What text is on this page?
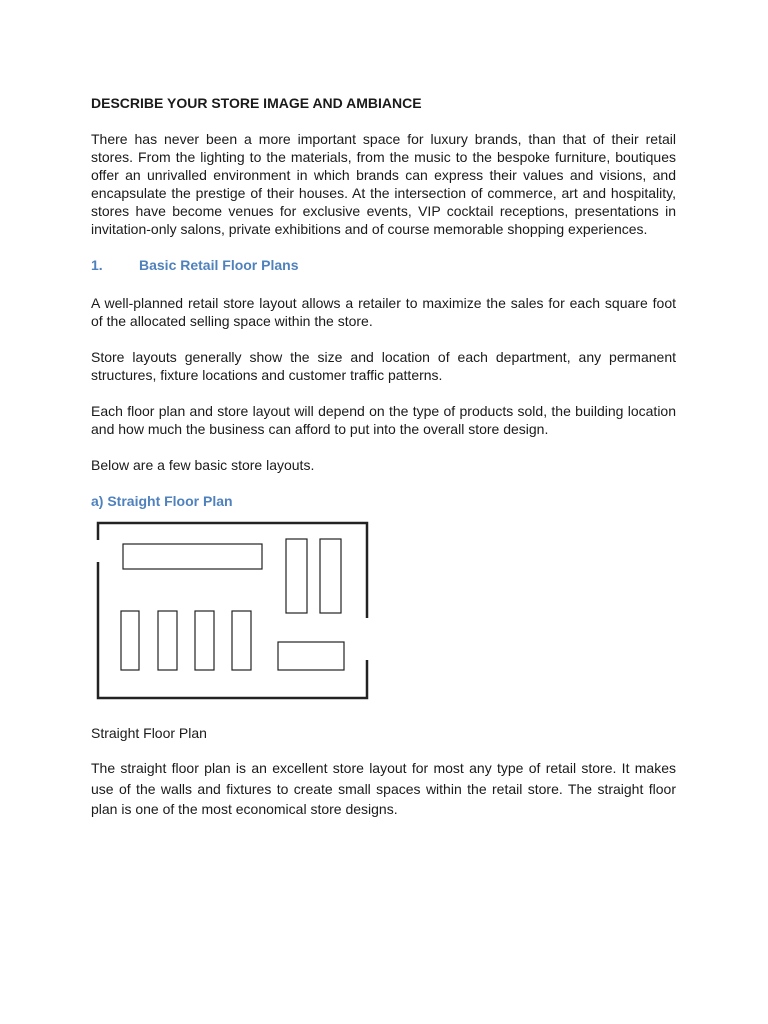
DESCRIBE YOUR STORE IMAGE AND AMBIANCE

There has never been a more important space for luxury brands, than that of their retail stores. From the lighting to the materials, from the music to the bespoke furniture, boutiques offer an unrivalled environment in which brands can express their values and visions, and encapsulate the prestige of their houses. At the intersection of commerce, art and hospitality, stores have become venues for exclusive events, VIP cocktail receptions, presentations in invitation-only salons, private exhibitions and of course memorable shopping experiences.

1.	Basic Retail Floor Plans

A well-planned retail store layout allows a retailer to maximize the sales for each square foot of the allocated selling space within the store.

Store layouts generally show the size and location of each department, any permanent structures, fixture locations and customer traffic patterns.

Each floor plan and store layout will depend on the type of products sold, the building location and how much the business can afford to put into the overall store design.

Below are a few basic store layouts.

a) Straight Floor Plan

Straight Floor Plan

The straight floor plan is an excellent store layout for most any type of retail store. It makes use of the walls and fixtures to create small spaces within the retail store. The straight floor plan is one of the most economical store designs.
